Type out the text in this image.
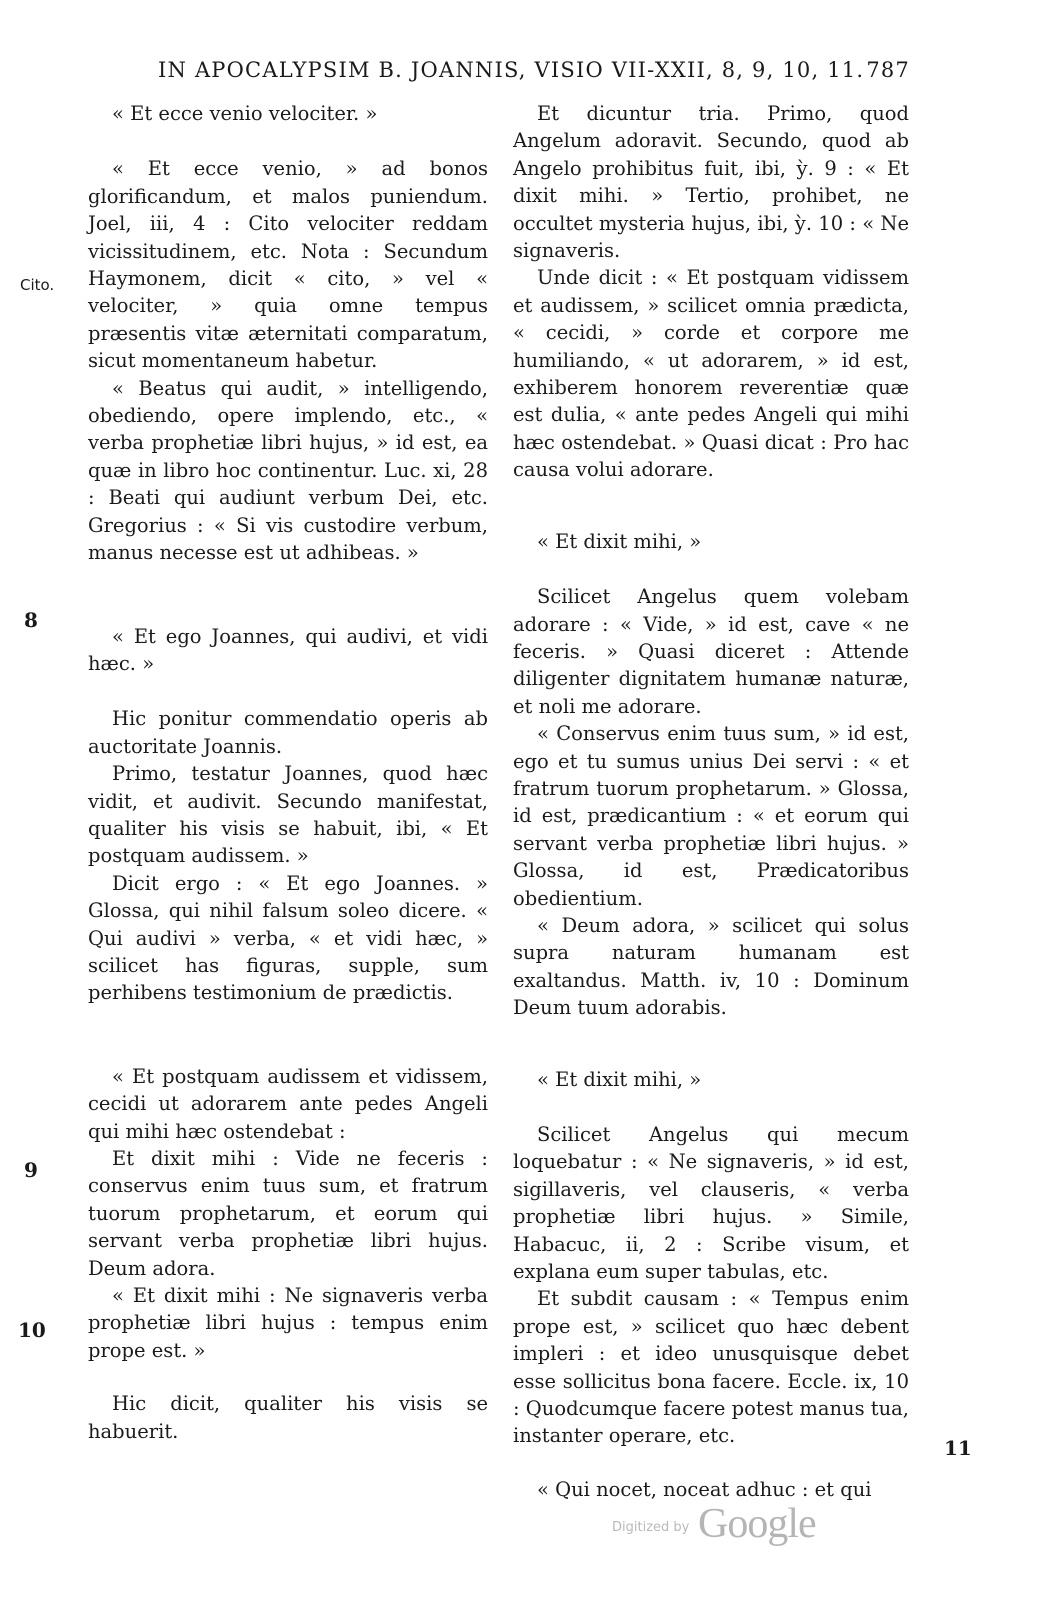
IN APOCALYPSIM B. JOANNIS, VISIO VII-XXII, 8, 9, 10, 11. 787
Cito.
8
9
10
11

« Et ecce venio velociter. »

« Et ecce venio, » ad bonos glorificandum, et malos puniendum. Joel, iii, 4 : Cito velociter reddam vicissitudinem, etc. Nota : Secundum Haymonem, dicit « cito, » vel « velociter, » quia omne tempus præsentis vitæ æternitati comparatum, sicut momentaneum habetur.

« Beatus qui audit, » intelligendo, obediendo, opere implendo, etc., « verba prophetiæ libri hujus, » id est, ea quæ in libro hoc continentur. Luc. xi, 28 : Beati qui audiunt verbum Dei, etc. Gregorius : « Si vis custodire verbum, manus necesse est ut adhibeas. »

« Et ego Joannes, qui audivi, et vidi hæc. »

Hic ponitur commendatio operis ab auctoritate Joannis.

Primo, testatur Joannes, quod hæc vidit, et audivit. Secundo manifestat, qualiter his visis se habuit, ibi, « Et postquam audissem. »

Dicit ergo : « Et ego Joannes. » Glossa, qui nihil falsum soleo dicere. « Qui audivi » verba, « et vidi hæc, » scilicet has figuras, supple, sum perhibens testimonium de prædictis.

« Et postquam audissem et vidissem, cecidi ut adorarem ante pedes Angeli qui mihi hæc ostendebat :

Et dixit mihi : Vide ne feceris : conservus enim tuus sum, et fratrum tuorum prophetarum, et eorum qui servant verba prophetiæ libri hujus. Deum adora.

« Et dixit mihi : Ne signaveris verba prophetiæ libri hujus : tempus enim prope est. »

Hic dicit, qualiter his visis se habuerit.

Et dicuntur tria. Primo, quod Angelum adoravit. Secundo, quod ab Angelo prohibitus fuit, ibi, ỳ. 9 : « Et dixit mihi. » Tertio, prohibet, ne occultet mysteria hujus, ibi, ỳ. 10 : « Ne signaveris.

Unde dicit : « Et postquam vidissem et audissem, » scilicet omnia prædicta, « cecidi, » corde et corpore me humiliando, « ut adorarem, » id est, exhiberem honorem reverentiæ quæ est dulia, « ante pedes Angeli qui mihi hæc ostendebat. » Quasi dicat : Pro hac causa volui adorare.

« Et dixit mihi, »

Scilicet Angelus quem volebam adorare : « Vide, » id est, cave « ne feceris. » Quasi diceret : Attende diligenter dignitatem humanæ naturæ, et noli me adorare.

« Conservus enim tuus sum, » id est, ego et tu sumus unius Dei servi : « et fratrum tuorum prophetarum. » Glossa, id est, prædicantium : « et eorum qui servant verba prophetiæ libri hujus. » Glossa, id est, Prædicatoribus obedientium.

« Deum adora, » scilicet qui solus supra naturam humanam est exaltandus. Matth. iv, 10 : Dominum Deum tuum adorabis.

« Et dixit mihi, »

Scilicet Angelus qui mecum loquebatur : « Ne signaveris, » id est, sigillaveris, vel clauseris, « verba prophetiæ libri hujus. » Simile, Habacuc, ii, 2 : Scribe visum, et explana eum super tabulas, etc.

Et subdit causam : « Tempus enim prope est, » scilicet quo hæc debent impleri : et ideo unusquisque debet esse sollicitus bona facere. Eccle. ix, 10 : Quodcumque facere potest manus tua, instanter operare, etc.

« Qui nocet, noceat adhuc : et qui

Digitized by Google
